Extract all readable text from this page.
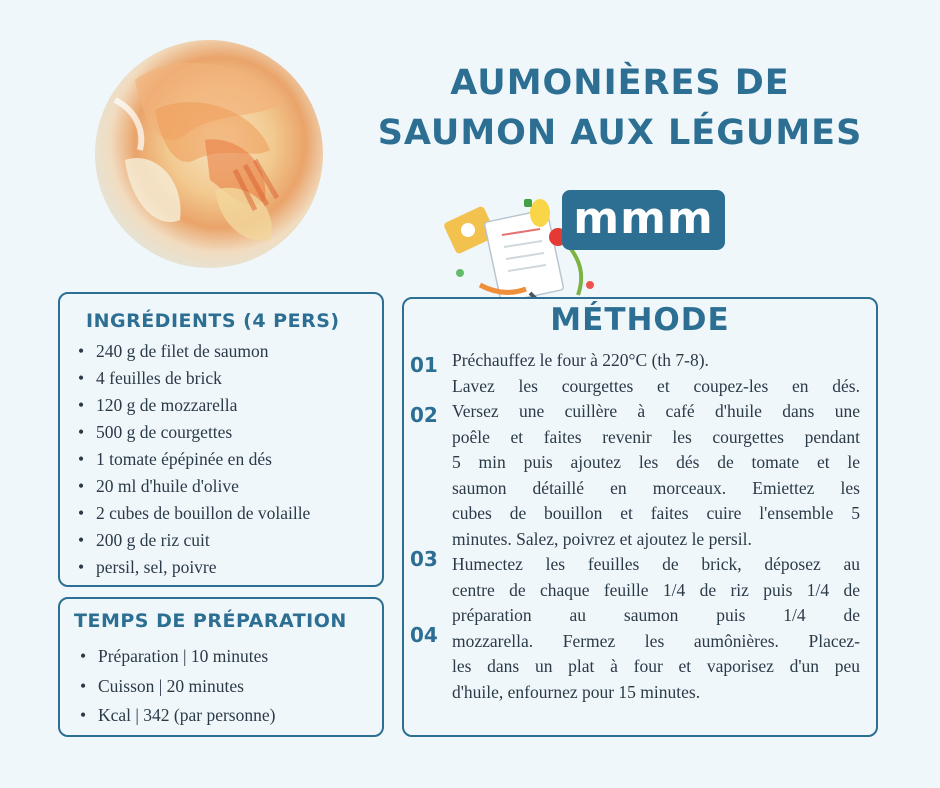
AUMONIÈRES DE SAUMON AUX LÉGUMES
mmm
INGRÉDIENTS (4 PERS)
• 240 g de filet de saumon
• 4 feuilles de brick
• 120 g de mozzarella
• 500 g de courgettes
• 1 tomate épépinée en dés
• 20 ml d'huile d'olive
• 2 cubes de bouillon de volaille
• 200 g de riz cuit
• persil, sel, poivre
TEMPS DE PRÉPARATION
• Préparation | 10 minutes
• Cuisson | 20 minutes
• Kcal | 342 (par personne)
MÉTHODE
01
02
03
04
Préchauffez le four à 220°C (th 7-8).
Lavez les courgettes et coupez-les en dés.
Versez une cuillère à café d'huile dans une
poêle et faites revenir les courgettes pendant
5 min puis ajoutez les dés de tomate et le
saumon détaillé en morceaux. Emiettez les
cubes de bouillon et faites cuire l'ensemble 5
minutes. Salez, poivrez et ajoutez le persil.
Humectez les feuilles de brick, déposez au
centre de chaque feuille 1/4 de riz puis 1/4 de
préparation au saumon puis 1/4 de
mozzarella. Fermez les aumônières. Placez-
les dans un plat à four et vaporisez d'un peu
d'huile, enfournez pour 15 minutes.
